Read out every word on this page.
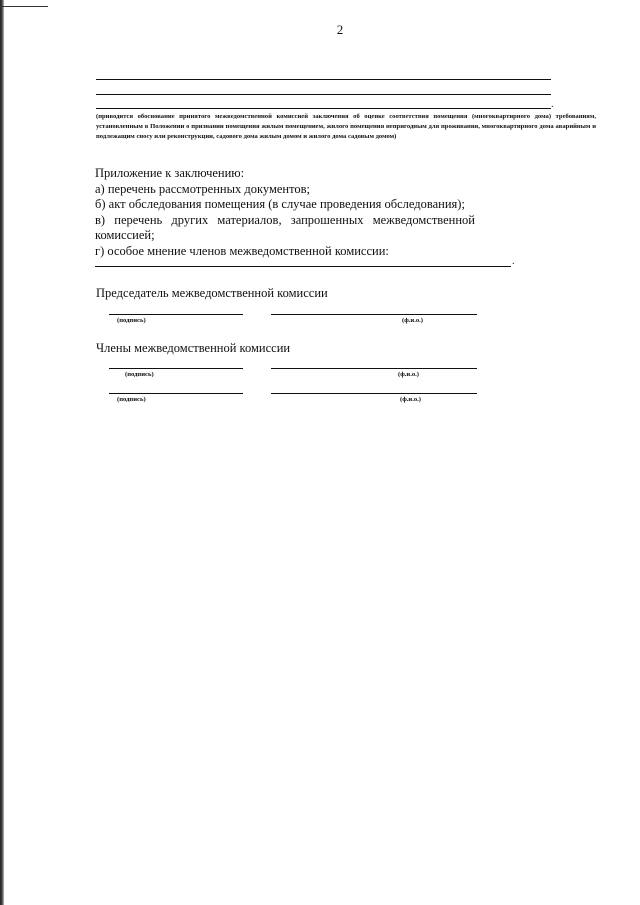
2
.
(приводится обоснование принятого межведомственной комиссией заключения об оценке соответствия помещения (многоквартирного дома) требованиям, установленным в Положении о признании помещения жилым помещением, жилого помещения непригодным для проживания, многоквартирного дома аварийным и подлежащим сносу или реконструкции, садового дома жилым домом и жилого дома садовым домом)
Приложение к заключению:
а) перечень рассмотренных документов;
б) акт обследования помещения (в случае проведения обследования);
в) перечень других материалов, запрошенных межведомственной комиссией;
г) особое мнение членов межведомственной комиссии:
.
Председатель межведомственной комиссии
(подпись)	(ф.и.о.)
Члены межведомственной комиссии
(подпись)	(ф.и.о.)
(подпись)	(ф.и.о.)
